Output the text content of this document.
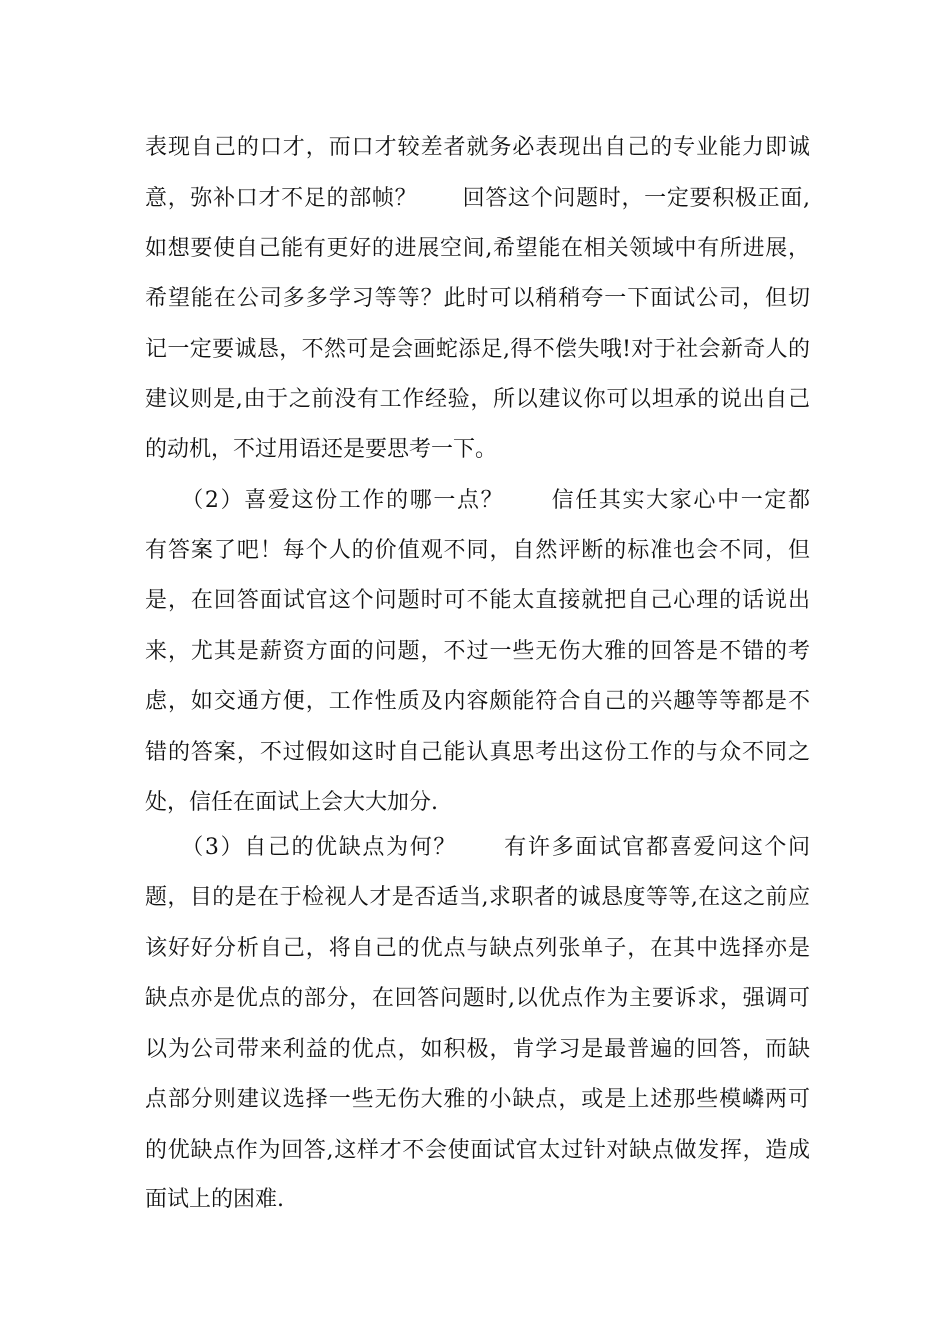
表现自己的口才，而口才较差者就务必表现出自己的专业能力即诚
意，弥补口才不足的部帧？　　回答这个问题时，一定要积极正面,
如想要使自己能有更好的进展空间,希望能在相关领域中有所进展，
希望能在公司多多学习等等？此时可以稍稍夸一下面试公司，但切
记一定要诚恳，不然可是会画蛇添足,得不偿失哦!对于社会新奇人的
建议则是,由于之前没有工作经验，所以建议你可以坦承的说出自己
的动机，不过用语还是要思考一下。
　　（2）喜爱这份工作的哪一点？　　信任其实大家心中一定都
有答案了吧！每个人的价值观不同，自然评断的标准也会不同，但
是，在回答面试官这个问题时可不能太直接就把自己心理的话说出
来，尤其是薪资方面的问题，不过一些无伤大雅的回答是不错的考
虑，如交通方便，工作性质及内容颇能符合自己的兴趣等等都是不
错的答案，不过假如这时自己能认真思考出这份工作的与众不同之
处，信任在面试上会大大加分.
　　（3）自己的优缺点为何？　　有许多面试官都喜爱问这个问
题，目的是在于检视人才是否适当,求职者的诚恳度等等,在这之前应
该好好分析自己，将自己的优点与缺点列张单子，在其中选择亦是
缺点亦是优点的部分，在回答问题时,以优点作为主要诉求，强调可
以为公司带来利益的优点，如积极，肯学习是最普遍的回答，而缺
点部分则建议选择一些无伤大雅的小缺点，或是上述那些模嶙两可
的优缺点作为回答,这样才不会使面试官太过针对缺点做发挥，造成
面试上的困难.
